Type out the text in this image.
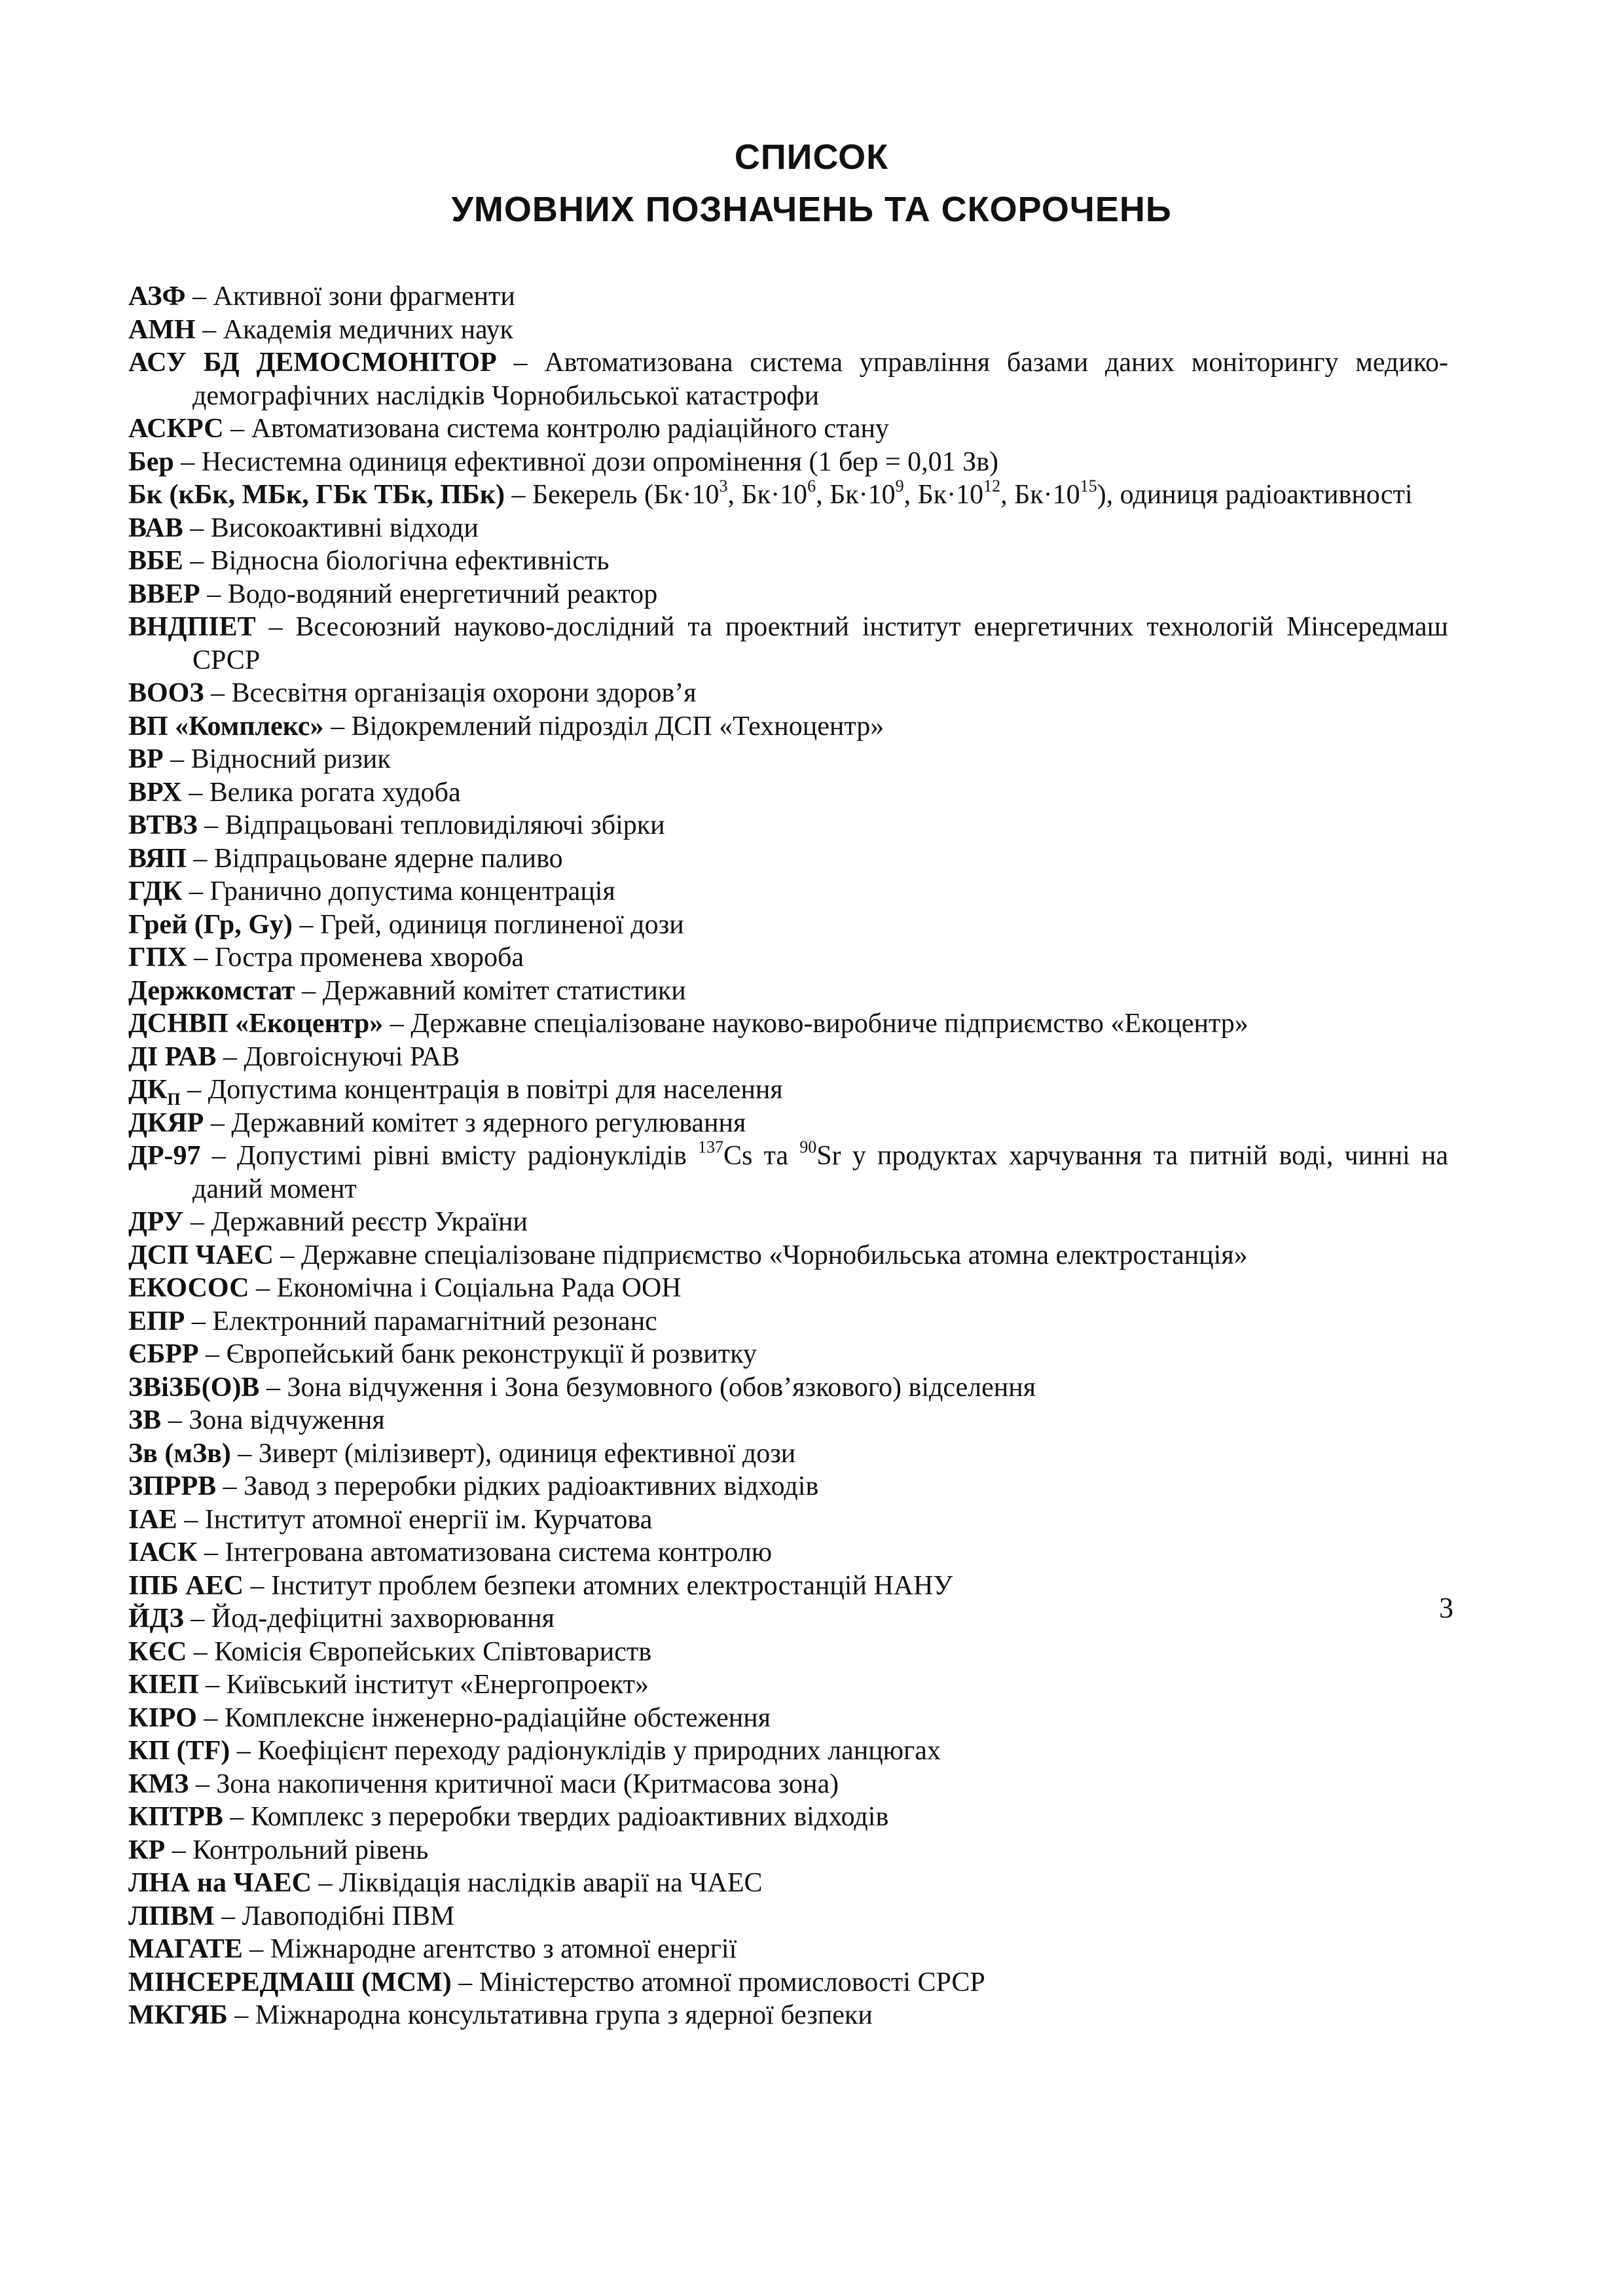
СПИСОК
УМОВНИХ ПОЗНАЧЕНЬ ТА СКОРОЧЕНЬ
АЗФ – Активної зони фрагменти
АМН – Академія медичних наук
АСУ БД ДЕМОСМОНІТОР – Автоматизована система управління базами даних моніторингу медико-демографічних наслідків Чорнобильської катастрофи
АСКРС – Автоматизована система контролю радіаційного стану
Бер – Несистемна одиниця ефективної дози опромінення (1 бер = 0,01 Зв)
Бк (кБк, МБк, ГБк ТБк, ПБк) – Бекерель ($Бк\cdot 10^3$, $Бк\cdot 10^6$, $Бк\cdot 10^9$, $Бк\cdot 10^{12}$, $Бк\cdot 10^{15}$), одиниця радіоактивності
ВАВ – Високоактивні відходи
ВБЕ – Відносна біологічна ефективність
ВВЕР – Водо-водяний енергетичний реактор
ВНДПІЕТ – Всесоюзний науково-дослідний та проектний інститут енергетичних технологій Мінсередмаш СРСР
ВООЗ – Всесвітня організація охорони здоров’я
ВП «Комплекс» – Відокремлений підрозділ ДСП «Техноцентр»
ВР – Відносний ризик
ВРХ – Велика рогата худоба
ВТВЗ – Відпрацьовані тепловиділяючі збірки
ВЯП – Відпрацьоване ядерне паливо
ГДК – Гранично допустима концентрація
Грей (Гр, Gy) – Грей, одиниця поглиненої дози
ГПХ – Гостра променева хвороба
Держкомстат – Державний комітет статистики
ДСНВП «Екоцентр» – Державне спеціалізоване науково-виробниче підприємство «Екоцентр»
ДІ РАВ – Довгоіснуючі РАВ
$ДК_П$ – Допустима концентрація в повітрі для населення
ДКЯР – Державний комітет з ядерного регулювання
ДР-97 – Допустимі рівні вмісту радіонуклідів $^{137}$Cs та $^{90}$Sr у продуктах харчування та питній воді, чинні на даний момент
ДРУ – Державний реєстр України
ДСП ЧАЕС – Державне спеціалізоване підприємство «Чорнобильська атомна електростанція»
ЕКОСОС – Економічна і Соціальна Рада ООН
ЕПР – Електронний парамагнітний резонанс
ЄБРР – Європейський банк реконструкції й розвитку
ЗВіЗБ(О)В – Зона відчуження і Зона безумовного (обов’язкового) відселення
ЗВ – Зона відчуження
Зв (мЗв) – Зиверт (мілізиверт), одиниця ефективної дози
ЗПРРВ – Завод з переробки рідких радіоактивних відходів
ІАЕ – Інститут атомної енергії ім. Курчатова
ІАСК – Інтегрована автоматизована система контролю
ІПБ АЕС – Інститут проблем безпеки атомних електростанцій НАНУ
ЙДЗ – Йод-дефіцитні захворювання
КЄС – Комісія Європейських Співтовариств
КІЕП – Київський інститут «Енергопроект»
КІРО – Комплексне інженерно-радіаційне обстеження
КП (TF) – Коефіцієнт переходу радіонуклідів у природних ланцюгах
КМЗ – Зона накопичення критичної маси (Критмасова зона)
КПТРВ – Комплекс з переробки твердих радіоактивних відходів
КР – Контрольний рівень
ЛНА на ЧАЕС – Ліквідація наслідків аварії на ЧАЕС
ЛПВМ – Лавоподібні ПВМ
МАГАТЕ – Міжнародне агентство з атомної енергії
МІНСЕРЕДМАШ (МСМ) – Міністерство атомної промисловості СРСР
МКГЯБ – Міжнародна консультативна група з ядерної безпеки
3
